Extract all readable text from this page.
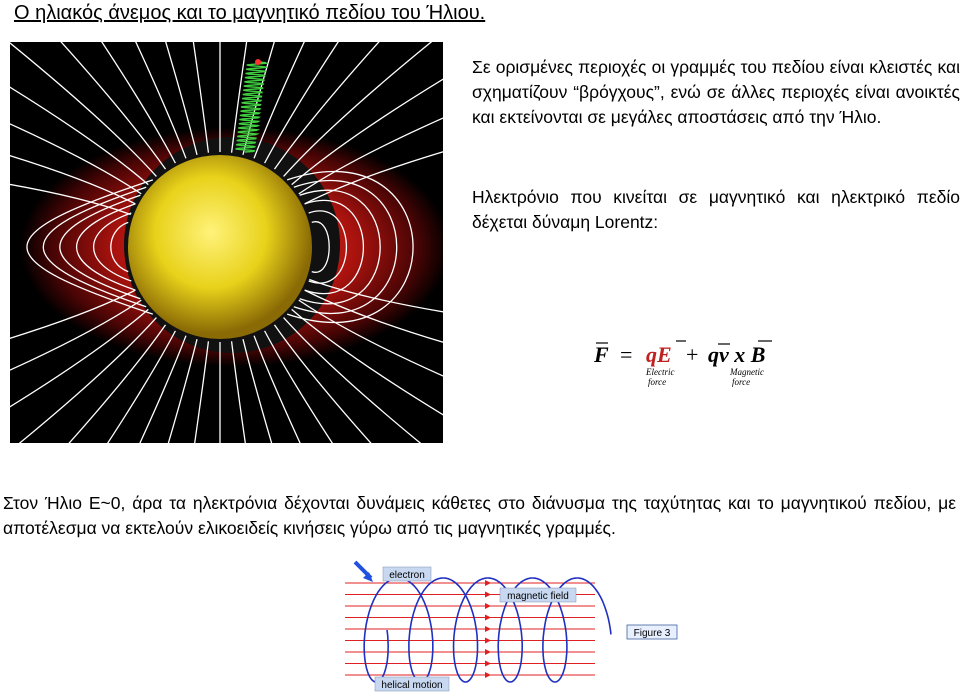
Ο ηλιακός άνεμος και το μαγνητικό πεδίου του Ήλιου.
Σε ορισμένες περιοχές οι γραμμές του πεδίου είναι κλειστές και σχηματίζουν “βρόγχους”, ενώ σε άλλες περιοχές είναι ανοικτές και εκτείνονται σε μεγάλες αποστάσεις από την Ήλιο.
Ηλεκτρόνιο που κινείται σε μαγνητικό και ηλεκτρικό πεδίο δέχεται δύναμη Lorentz:
F = qE + qv x B
Electric
force
Magnetic
force
Στον Ήλιο E~0, άρα τα ηλεκτρόνια δέχονται δυνάμεις κάθετες στο διάνυσμα της ταχύτητας και το μαγνητικού πεδίου, με αποτέλεσμα να εκτελούν ελικοειδείς κινήσεις γύρω από τις μαγνητικές γραμμές.
electron
magnetic field
Figure 3
helical motion
